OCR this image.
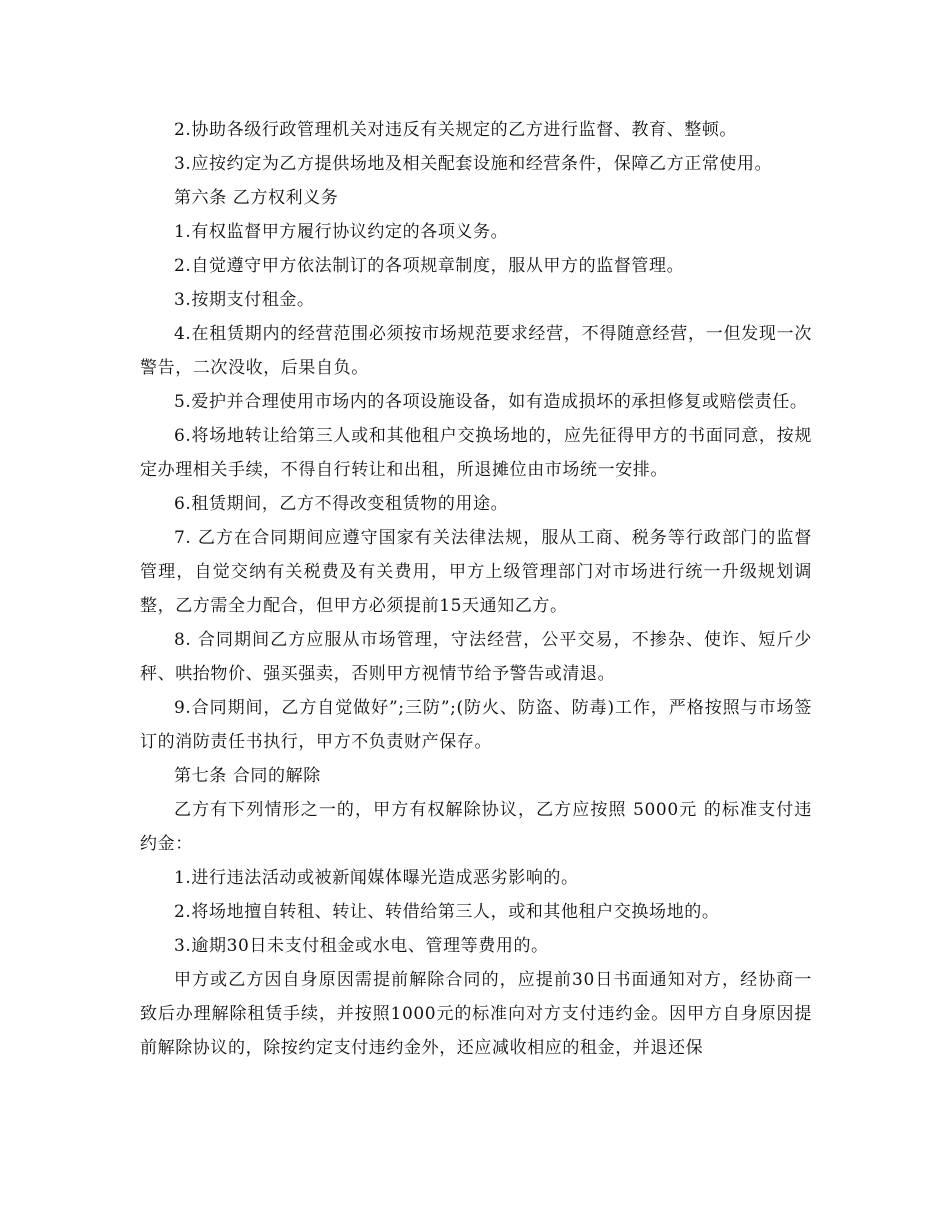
2.协助各级行政管理机关对违反有关规定的乙方进行监督、教育、整顿。

3.应按约定为乙方提供场地及相关配套设施和经营条件，保障乙方正常使用。

第六条 乙方权利义务

1.有权监督甲方履行协议约定的各项义务。

2.自觉遵守甲方依法制订的各项规章制度，服从甲方的监督管理。

3.按期支付租金。

4.在租赁期内的经营范围必须按市场规范要求经营，不得随意经营，一但发现一次警告，二次没收，后果自负。

5.爱护并合理使用市场内的各项设施设备，如有造成损坏的承担修复或赔偿责任。

6.将场地转让给第三人或和其他租户交换场地的，应先征得甲方的书面同意，按规定办理相关手续，不得自行转让和出租，所退摊位由市场统一安排。

6.租赁期间，乙方不得改变租赁物的用途。

7. 乙方在合同期间应遵守国家有关法律法规，服从工商、税务等行政部门的监督管理，自觉交纳有关税费及有关费用，甲方上级管理部门对市场进行统一升级规划调整，乙方需全力配合，但甲方必须提前15天通知乙方。

8. 合同期间乙方应服从市场管理，守法经营，公平交易，不掺杂、使诈、短斤少秤、哄抬物价、强买强卖，否则甲方视情节给予警告或清退。

9.合同期间，乙方自觉做好”;三防”;(防火、防盗、防毒)工作，严格按照与市场签订的消防责任书执行，甲方不负责财产保存。

第七条 合同的解除

乙方有下列情形之一的，甲方有权解除协议，乙方应按照 5000元 的标准支付违约金：

1.进行违法活动或被新闻媒体曝光造成恶劣影响的。

2.将场地擅自转租、转让、转借给第三人，或和其他租户交换场地的。

3.逾期30日未支付租金或水电、管理等费用的。

甲方或乙方因自身原因需提前解除合同的，应提前30日书面通知对方，经协商一致后办理解除租赁手续，并按照1000元的标准向对方支付违约金。因甲方自身原因提前解除协议的，除按约定支付违约金外，还应减收相应的租金，并退还保
